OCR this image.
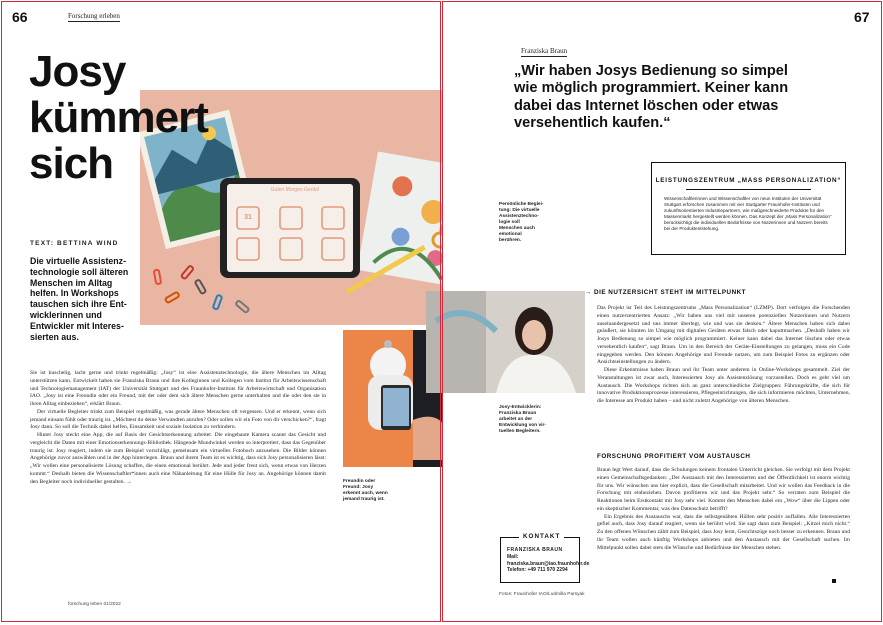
66	Forschung erleben
Guten Morgen Gerda!
31
Josy
kümmert
sich
TEXT: BETTINA WIND
Die virtuelle Assistenztechnologie soll älteren Menschen im Alltag helfen. In Workshops tauschen sich ihre Entwicklerinnen und Entwickler mit Interessierten aus.
Freundin oder Freund: Josy erkennt auch, wenn jemand traurig ist.

Sie ist kuschelig, lacht gerne und trinkt regelmäßig: „Josy“ ist eine Assistenztechnologie, die ältere Menschen im Alltag unterstützen kann. Entwickelt haben sie Franziska Braun und ihre Kolleginnen und Kollegen vom Institut für Arbeitswissenschaft und Technologiemanagement (IAT) der Universität Stuttgart und des Fraunhofer-Instituts für Arbeitswirtschaft und Organisation IAO. „Josy ist eine Freundin oder ein Freund, mit der oder dem sich ältere Menschen gerne unterhalten und die oder den sie in ihren Alltag einbeziehen“, erklärt Braun.

Der virtuelle Begleiter trinkt zum Beispiel regelmäßig, was gerade ältere Menschen oft vergessen. Und er erkennt, wenn sich jemand einsam fühlt oder traurig ist. „Möchtest du deine Verwandten anrufen? Oder sollen wir ein Foto von dir verschicken?“, fragt Josy dann. So soll die Technik dabei helfen, Einsamkeit und soziale Isolation zu verhindern.

Hinter Josy steckt eine App, die auf Basis der Gesichtserkennung arbeitet. Die eingebaute Kamera scannt das Gesicht und vergleicht die Daten mit einer Emotionserkennungs-Bibliothek. Hängende Mundwinkel werden so interpretiert, dass das Gegenüber traurig ist. Josy reagiert, indem sie zum Beispiel vorschlägt, gemeinsam ein virtuelles Fotobuch anzusehen. Die Bilder können Angehörige zuvor auswählen und in der App hinterlegen. Braun und ihrem Team ist es wichtig, dass sich Josy personalisieren lässt: „Wir wollen eine personalisierte Lösung schaffen, die einen emotional berührt. Jede und jeder freut sich, wenn etwas von Herzen kommt.“ Deshalb bieten die Wissenschaftler*innen auch eine Nähanleitung für eine Hülle für Josy an. Angehörige können damit den Begleiter noch individueller gestalten. →

forschung leben 01/2022
67
Franziska Braun
„Wir haben Josys Bedienung so simpel wie möglich programmiert. Keiner kann dabei das Internet löschen oder etwas versehentlich kaufen.“
Persönliche Begleitung: Die virtuelle Assistenztechnologie soll Menschen auch emotional berühren.
LEISTUNGSZENTRUM „MASS PERSONALIZATION“
Wissenschaftlerinnen und Wissenschaftler von neun Instituten der Universität Stuttgart erforschen zusammen mit vier Stuttgarter Fraunhofer-Instituten und zukunftsorientierten Industriepartnern, wie maßgeschneiderte Produkte für den Massenmarkt hergestellt werden können. Das Konzept der „Mass Personalization“ berücksichtigt die individuellen Bedürfnisse von Nutzerinnen und Nutzern bereits bei der Produktentstehung.
Josy-Entwicklerin: Franziska Braun arbeitet an der Entwicklung von virtuellen Begleitern.
KONTAKT
FRANZISKA BRAUN
Mail: franziska.braun@iao.fraunhofer.de
Telefon: +49 711 970 2294
Fotos: Fraunhofer IAO/Ludmilla Parsyak
→ DIE NUTZERSICHT STEHT IM MITTELPUNKT

Das Projekt ist Teil des Leistungszentrums „Mass Personalization“ (LZMP). Dort verfolgen die Forschenden einen nutzerzentrierten Ansatz: „Wir haben uns viel mit unseren potenziellen Nutzerinnen und Nutzern auseinandergesetzt und uns immer überlegt, wie und was sie denken.“ Ältere Menschen haben sich dabei geäußert, sie könnten im Umgang mit digitalen Geräten etwas falsch oder kaputtmachen. „Deshalb haben wir Josys Bedienung so simpel wie möglich programmiert. Keiner kann dabei das Internet löschen oder etwas versehentlich kaufen“, sagt Braun. Um in den Bereich der Geräte-Einstellungen zu gelangen, muss ein Code eingegeben werden. Den können Angehörige und Freunde nutzen, um zum Beispiel Fotos zu ergänzen oder Ansichtseinstellungen zu ändern.

Diese Erkenntnisse haben Braun und ihr Team unter anderem in Online-Workshops gesammelt. Ziel der Veranstaltungen ist zwar auch, Interessierten Josy als Assistenzlösung vorzustellen. Doch es geht viel um Austausch. Die Workshops richten sich an ganz unterschiedliche Zielgruppen: Führungskräfte, die sich für innovative Produktionsprozesse interessieren, Pflegeeinrichtungen, die sich informieren möchten, Unternehmen, die Interesse am Produkt haben – und nicht zuletzt Angehörige von älteren Menschen.

FORSCHUNG PROFITIERT VOM AUSTAUSCH

Braun legt Wert darauf, dass die Schulungen keinem frontalen Unterricht gleichen. Sie verfolgt mit dem Projekt einen Gemeinschaftsgedanken: „Der Austausch mit den Interessierten und der Öffentlichkeit ist enorm wichtig für uns. Wir wünschen uns hier explizit, dass die Gesellschaft mitarbeitet. Und wir wollen das Feedback in die Forschung mit einbeziehen. Davon profitieren wir und das Projekt sehr.“ So verraten zum Beispiel die Reaktionen beim Erstkontakt mit Josy sehr viel. Kommt den Menschen dabei ein „Wow“ über die Lippen oder ein skeptischer Kommentar, was den Datenschutz betrifft?

Ein Ergebnis des Austauschs war, dass die selbstgenähten Hüllen sehr positiv auffallen. Alle Interessierten gefiel auch, dass Josy darauf reagiert, wenn sie berührt wird. Sie sagt dann zum Beispiel: „Kitzel mich nicht.“ Zu den offenen Wünschen zählt zum Beispiel, dass Josy lernt, Gesichtszüge noch besser zu erkennen. Braun und ihr Team wollen auch künftig Workshops anbieten und den Austausch mit der Gesellschaft suchen. Im Mittelpunkt sollen dabei stets die Wünsche und Bedürfnisse der Menschen stehen.
